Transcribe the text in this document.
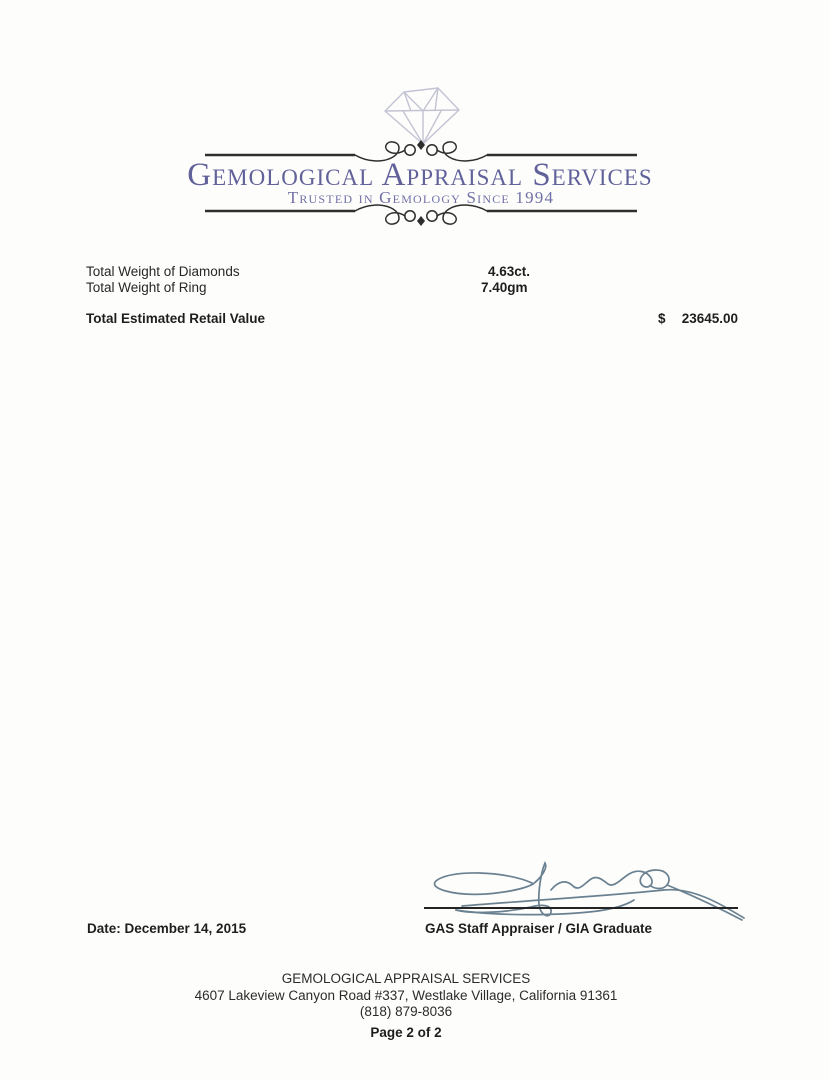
Gemological Appraisal Services
Trusted in Gemology Since 1994
Total Weight of Diamonds	4.63ct.
Total Weight of Ring	7.40gm
Total Estimated Retail Value	$ 23645.00
Date: December 14, 2015	GAS Staff Appraiser / GIA Graduate
GEMOLOGICAL APPRAISAL SERVICES
4607 Lakeview Canyon Road #337, Westlake Village, California 91361
(818) 879-8036
Page 2 of 2
